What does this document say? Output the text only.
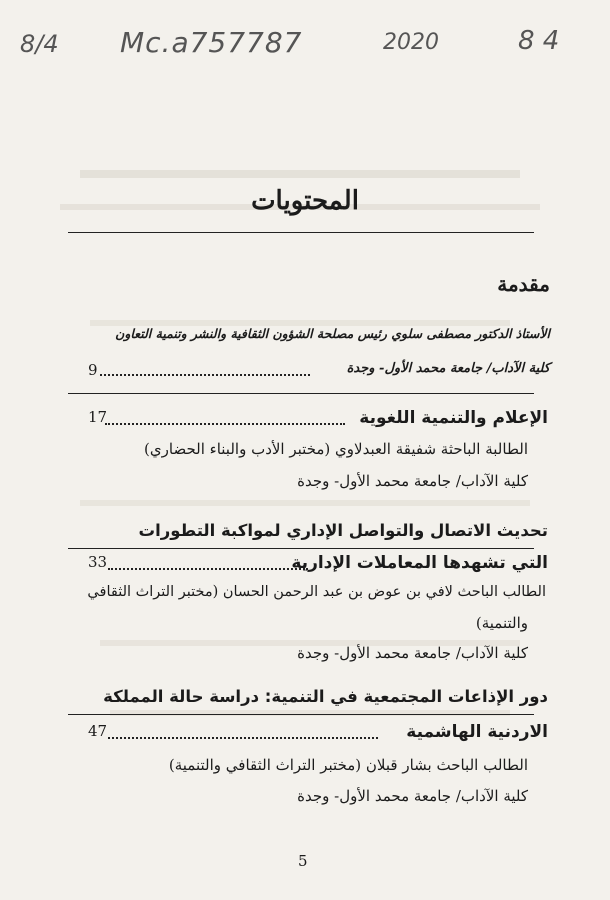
8/4 Mc.a757787	2020	8 4
المحتويات
مقدمة
الأستاذ الدكتور مصطفى سلوي رئيس مصلحة الشؤون الثقافية والنشر وتنمية التعاون
كلية الآداب/ جامعة محمد الأول- وجدة
9
الإعلام والتنمية اللغوية
17
الطالبة الباحثة شفيقة العبدلاوي (مختبر الأدب والبناء الحضاري)
كلية الآداب/ جامعة محمد الأول- وجدة
تحديث الاتصال والتواصل الإداري لمواكبة التطورات
التي تشهدها المعاملات الإدارية
33
الطالب الباحث لافي بن عوض بن عبد الرحمن الحسان (مختبر التراث الثقافي
والتنمية)
كلية الآداب/ جامعة محمد الأول- وجدة
دور الإذاعات المجتمعية في التنمية: دراسة حالة المملكة
الاردنية الهاشمية
47
الطالب الباحث بشار قبلان (مختبر التراث الثقافي والتنمية)
كلية الآداب/ جامعة محمد الأول- وجدة
5
